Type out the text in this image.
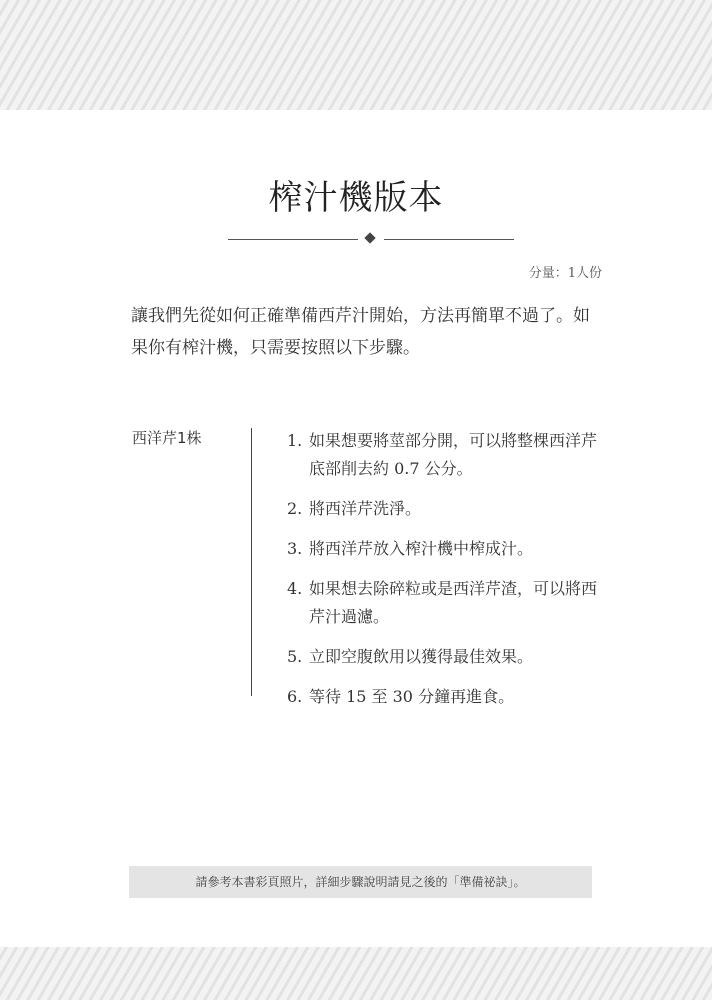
榨汁機版本
分量：1人份

讓我們先從如何正確準備西芹汁開始，方法再簡單不過了。如果你有榨汁機，只需要按照以下步驟。

西洋芹1株	1. 如果想要將莖部分開，可以將整棵西洋芹底部削去約 0.7 公分。
2. 將西洋芹洗淨。
3. 將西洋芹放入榨汁機中榨成汁。
4. 如果想去除碎粒或是西洋芹渣，可以將西芹汁過濾。
5. 立即空腹飲用以獲得最佳效果。
6. 等待 15 至 30 分鐘再進食。
請參考本書彩頁照片，詳細步驟說明請見之後的「準備祕訣」。
